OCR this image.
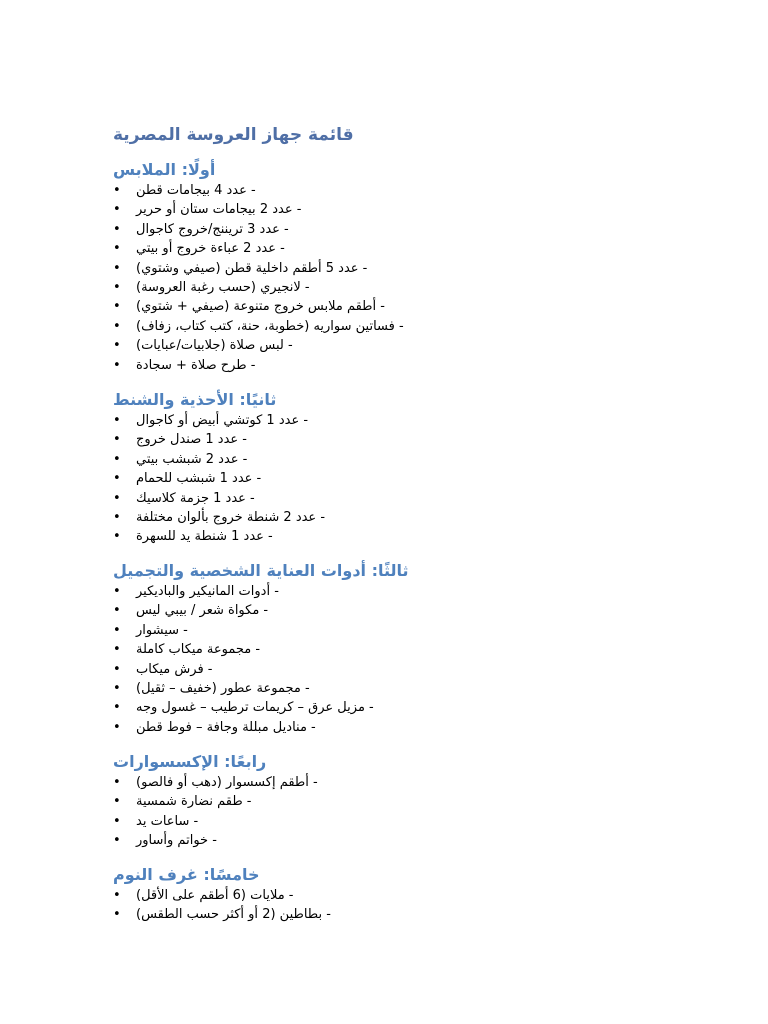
قائمة جهاز العروسة المصرية
أولًا: الملابس
• - عدد 4 بيجامات قطن
• - عدد 2 بيجامات ستان أو حرير
• - عدد 3 تريننج/خروج كاجوال
• - عدد 2 عباءة خروج أو بيتي
• - عدد 5 أطقم داخلية قطن (صيفي وشتوي)
• - لانجيري (حسب رغبة العروسة)
• - أطقم ملابس خروج متنوعة (صيفي + شتوي)
• - فساتين سواريه (خطوبة، حنة، كتب كتاب، زفاف)
• - لبس صلاة (جلابيات/عبايات)
• - طرح صلاة + سجادة
ثانيًا: الأحذية والشنط
• - عدد 1 كوتشي أبيض أو كاجوال
• - عدد 1 صندل خروج
• - عدد 2 شبشب بيتي
• - عدد 1 شبشب للحمام
• - عدد 1 جزمة كلاسيك
• - عدد 2 شنطة خروج بألوان مختلفة
• - عدد 1 شنطة يد للسهرة
ثالثًا: أدوات العناية الشخصية والتجميل
• - أدوات المانيكير والباديكير
• - مكواة شعر / بيبي ليس
• - سيشوار
• - مجموعة ميكاب كاملة
• - فرش ميكاب
• - مجموعة عطور (خفيف – ثقيل)
• - مزيل عرق – كريمات ترطيب – غسول وجه
• - مناديل مبللة وجافة – فوط قطن
رابعًا: الإكسسوارات
• - أطقم إكسسوار (دهب أو فالصو)
• - طقم نضارة شمسية
• - ساعات يد
• - خواتم وأساور
خامسًا: غرف النوم
• - ملايات (6 أطقم على الأقل)
• - بطاطين (2 أو أكثر حسب الطقس)
